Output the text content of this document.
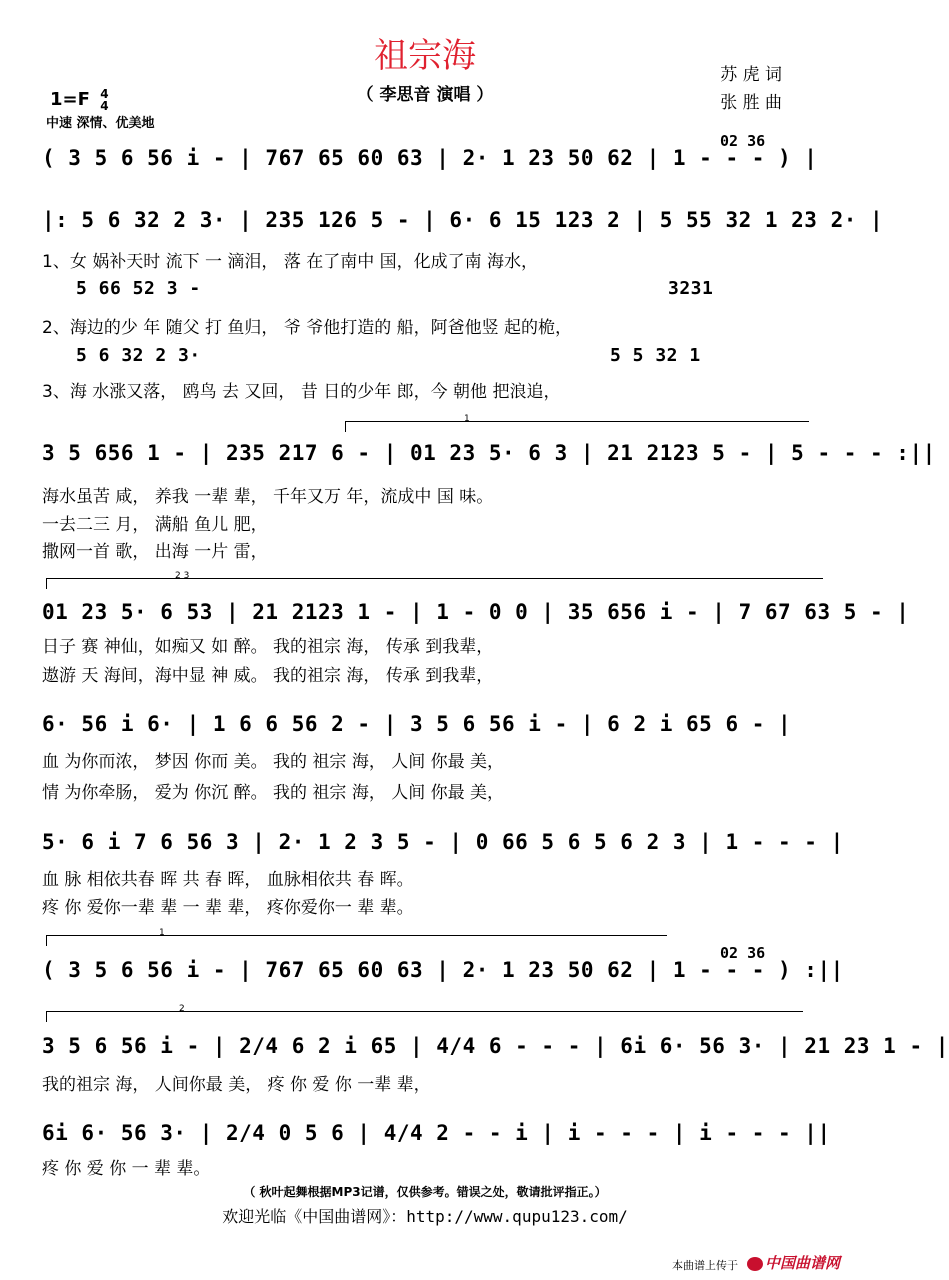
祖宗海
（ 李思音 演唱 ）
苏 虎 词
张 胜 曲
1=F 4
4
中速 深情、优美地
( 3 5 6 56 i - | 767 65 60 63 | 2· 1 23 50 62 | 1 - - - ) |
02 36
|: 5 6 32 2 3· | 235 126 5 - | 6· 6 15 123 2 | 5 55 32 1 23 2· |
1、女 娲补天时 流下 一 滴泪， 落 在了南中 国，化成了南 海水，
5 66 52 3 -	3231
2、海边的少 年 随父 打 鱼归， 爷 爷他打造的 船，阿爸他竖 起的桅，
5 6 32 2 3·	5 5 32 1
3、海 水涨又落， 鸥鸟 去 又回， 昔 日的少年 郎，今 朝他 把浪追，
1
3 5 656 1 - | 235 217 6 - | 01 23 5· 6 3 | 21 2123 5 - | 5 - - - :||
海水虽苦 咸， 养我 一辈 辈， 千年又万 年，流成中 国 味。
一去二三 月， 满船 鱼儿 肥，
撒网一首 歌， 出海 一片 雷，
2 3
01 23 5· 6 53 | 21 2123 1 - | 1 - 0 0 | 35 656 i - | 7 67 63 5 - |
日子 赛 神仙，如痴又 如 醉。 我的祖宗 海， 传承 到我辈，
遨游 天 海间，海中显 神 威。 我的祖宗 海， 传承 到我辈，
6· 56 i 6· | 1 6 6 56 2 - | 3 5 6 56 i - | 6 2 i 65 6 - |
血 为你而浓， 梦因 你而 美。 我的 祖宗 海， 人间 你最 美，
情 为你牵肠， 爱为 你沉 醉。 我的 祖宗 海， 人间 你最 美，
5· 6 i 7 6 56 3 | 2· 1 2 3 5 - | 0 66 5 6 5 6 2 3 | 1 - - - |
血 脉 相依共春 晖 共 春 晖， 血脉相依共 春 晖。
疼 你 爱你一辈 辈 一 辈 辈， 疼你爱你一 辈 辈。
1
( 3 5 6 56 i - | 767 65 60 63 | 2· 1 23 50 62 | 1 - - - ) :||
02 36
2
3 5 6 56 i - | 2/4 6 2 i 65 | 4/4 6 - - - | 6i 6· 56 3· | 21 23 1 - |
我的祖宗 海， 人间你最 美， 疼 你 爱 你 一辈 辈，
6i 6· 56 3· | 2/4 0 5 6 | 4/4 2 - - i | i - - - | i - - - ||
疼 你 爱 你 一 辈 辈。
（ 秋叶起舞根据MP3记谱，仅供参考。错误之处，敬请批评指正。）
欢迎光临《中国曲谱网》：http://www.qupu123.com/
本曲谱上传于	中国曲谱网
